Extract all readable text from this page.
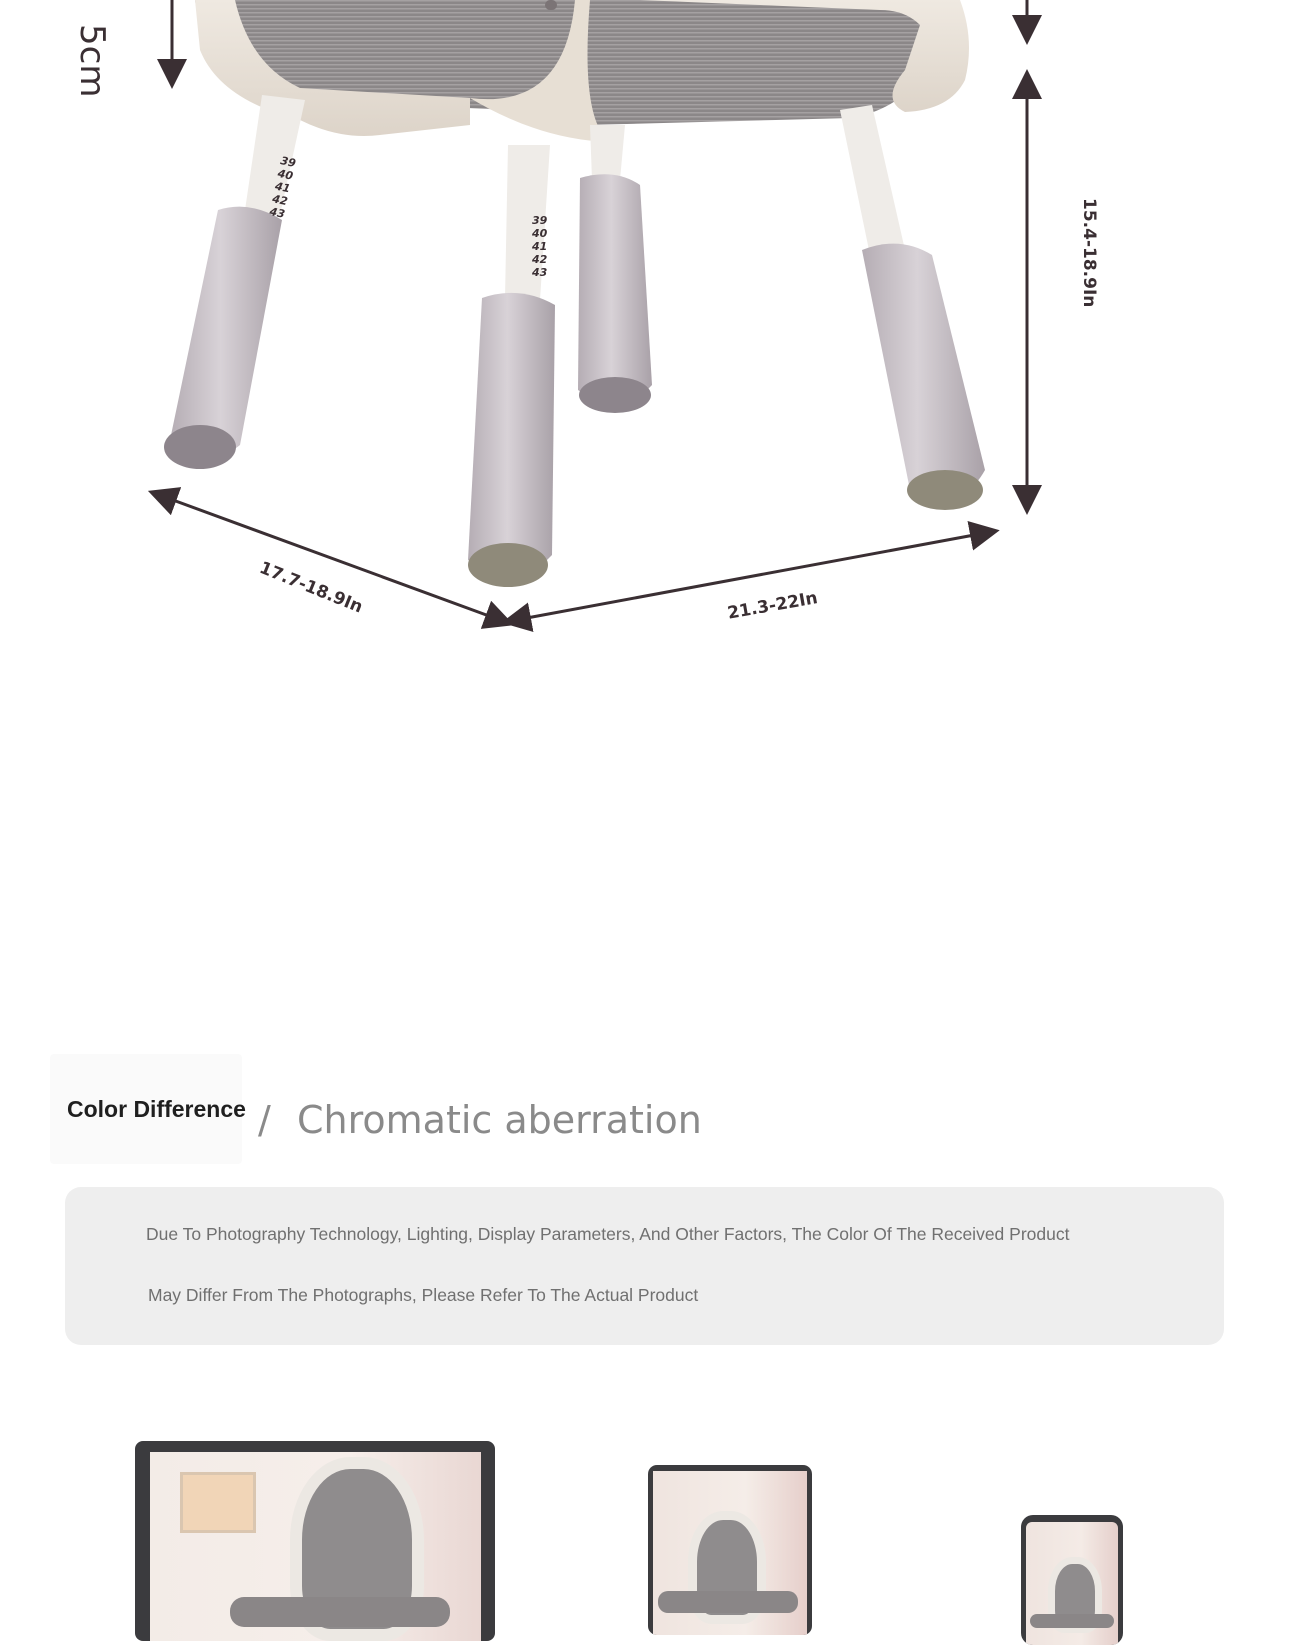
5cm
15.4-18.9In
17.7-18.9In	21.3-22In
39
40
41
42
43	39
40
41
42
43
Color Difference / Chromatic aberration

Due To Photography Technology, Lighting, Display Parameters, And Other Factors, The Color Of The Received Product

May Differ From The Photographs, Please Refer To The Actual Product
